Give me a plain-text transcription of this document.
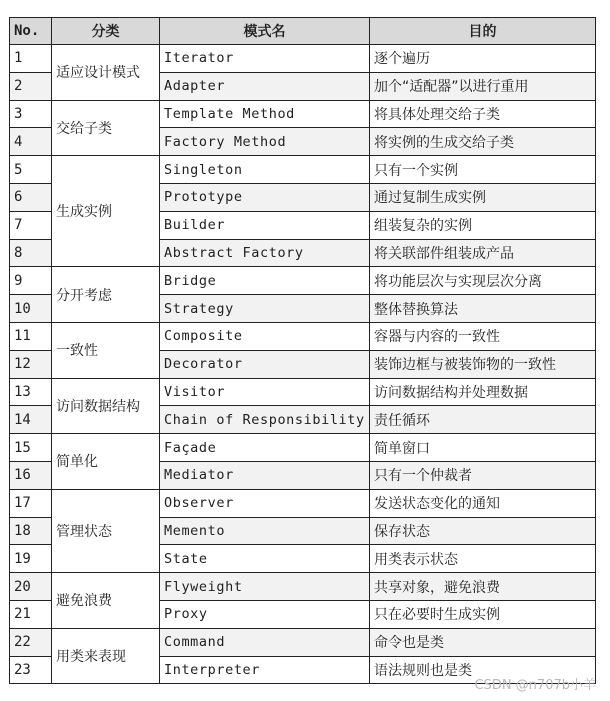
No.	分类	模式名	目的
1	适应设计模式	Iterator	逐个遍历
2		Adapter	加个“适配器”以进行重用
3	交给子类	Template Method	将具体处理交给子类
4		Factory Method	将实例的生成交给子类
5	生成实例	Singleton	只有一个实例
6		Prototype	通过复制生成实例
7		Builder	组装复杂的实例
8		Abstract Factory	将关联部件组装成产品
9	分开考虑	Bridge	将功能层次与实现层次分离
10		Strategy	整体替换算法
11	一致性	Composite	容器与内容的一致性
12		Decorator	装饰边框与被装饰物的一致性
13	访问数据结构	Visitor	访问数据结构并处理数据
14		Chain of Responsibility	责任循环
15	简单化	Façade	简单窗口
16		Mediator	只有一个仲裁者
17	管理状态	Observer	发送状态变化的通知
18		Memento	保存状态
19		State	用类表示状态
20	避免浪费	Flyweight	共享对象，避免浪费
21		Proxy	只在必要时生成实例
22	用类来表现	Command	命令也是类
23		Interpreter	语法规则也是类
CSDN @n707b小羊
